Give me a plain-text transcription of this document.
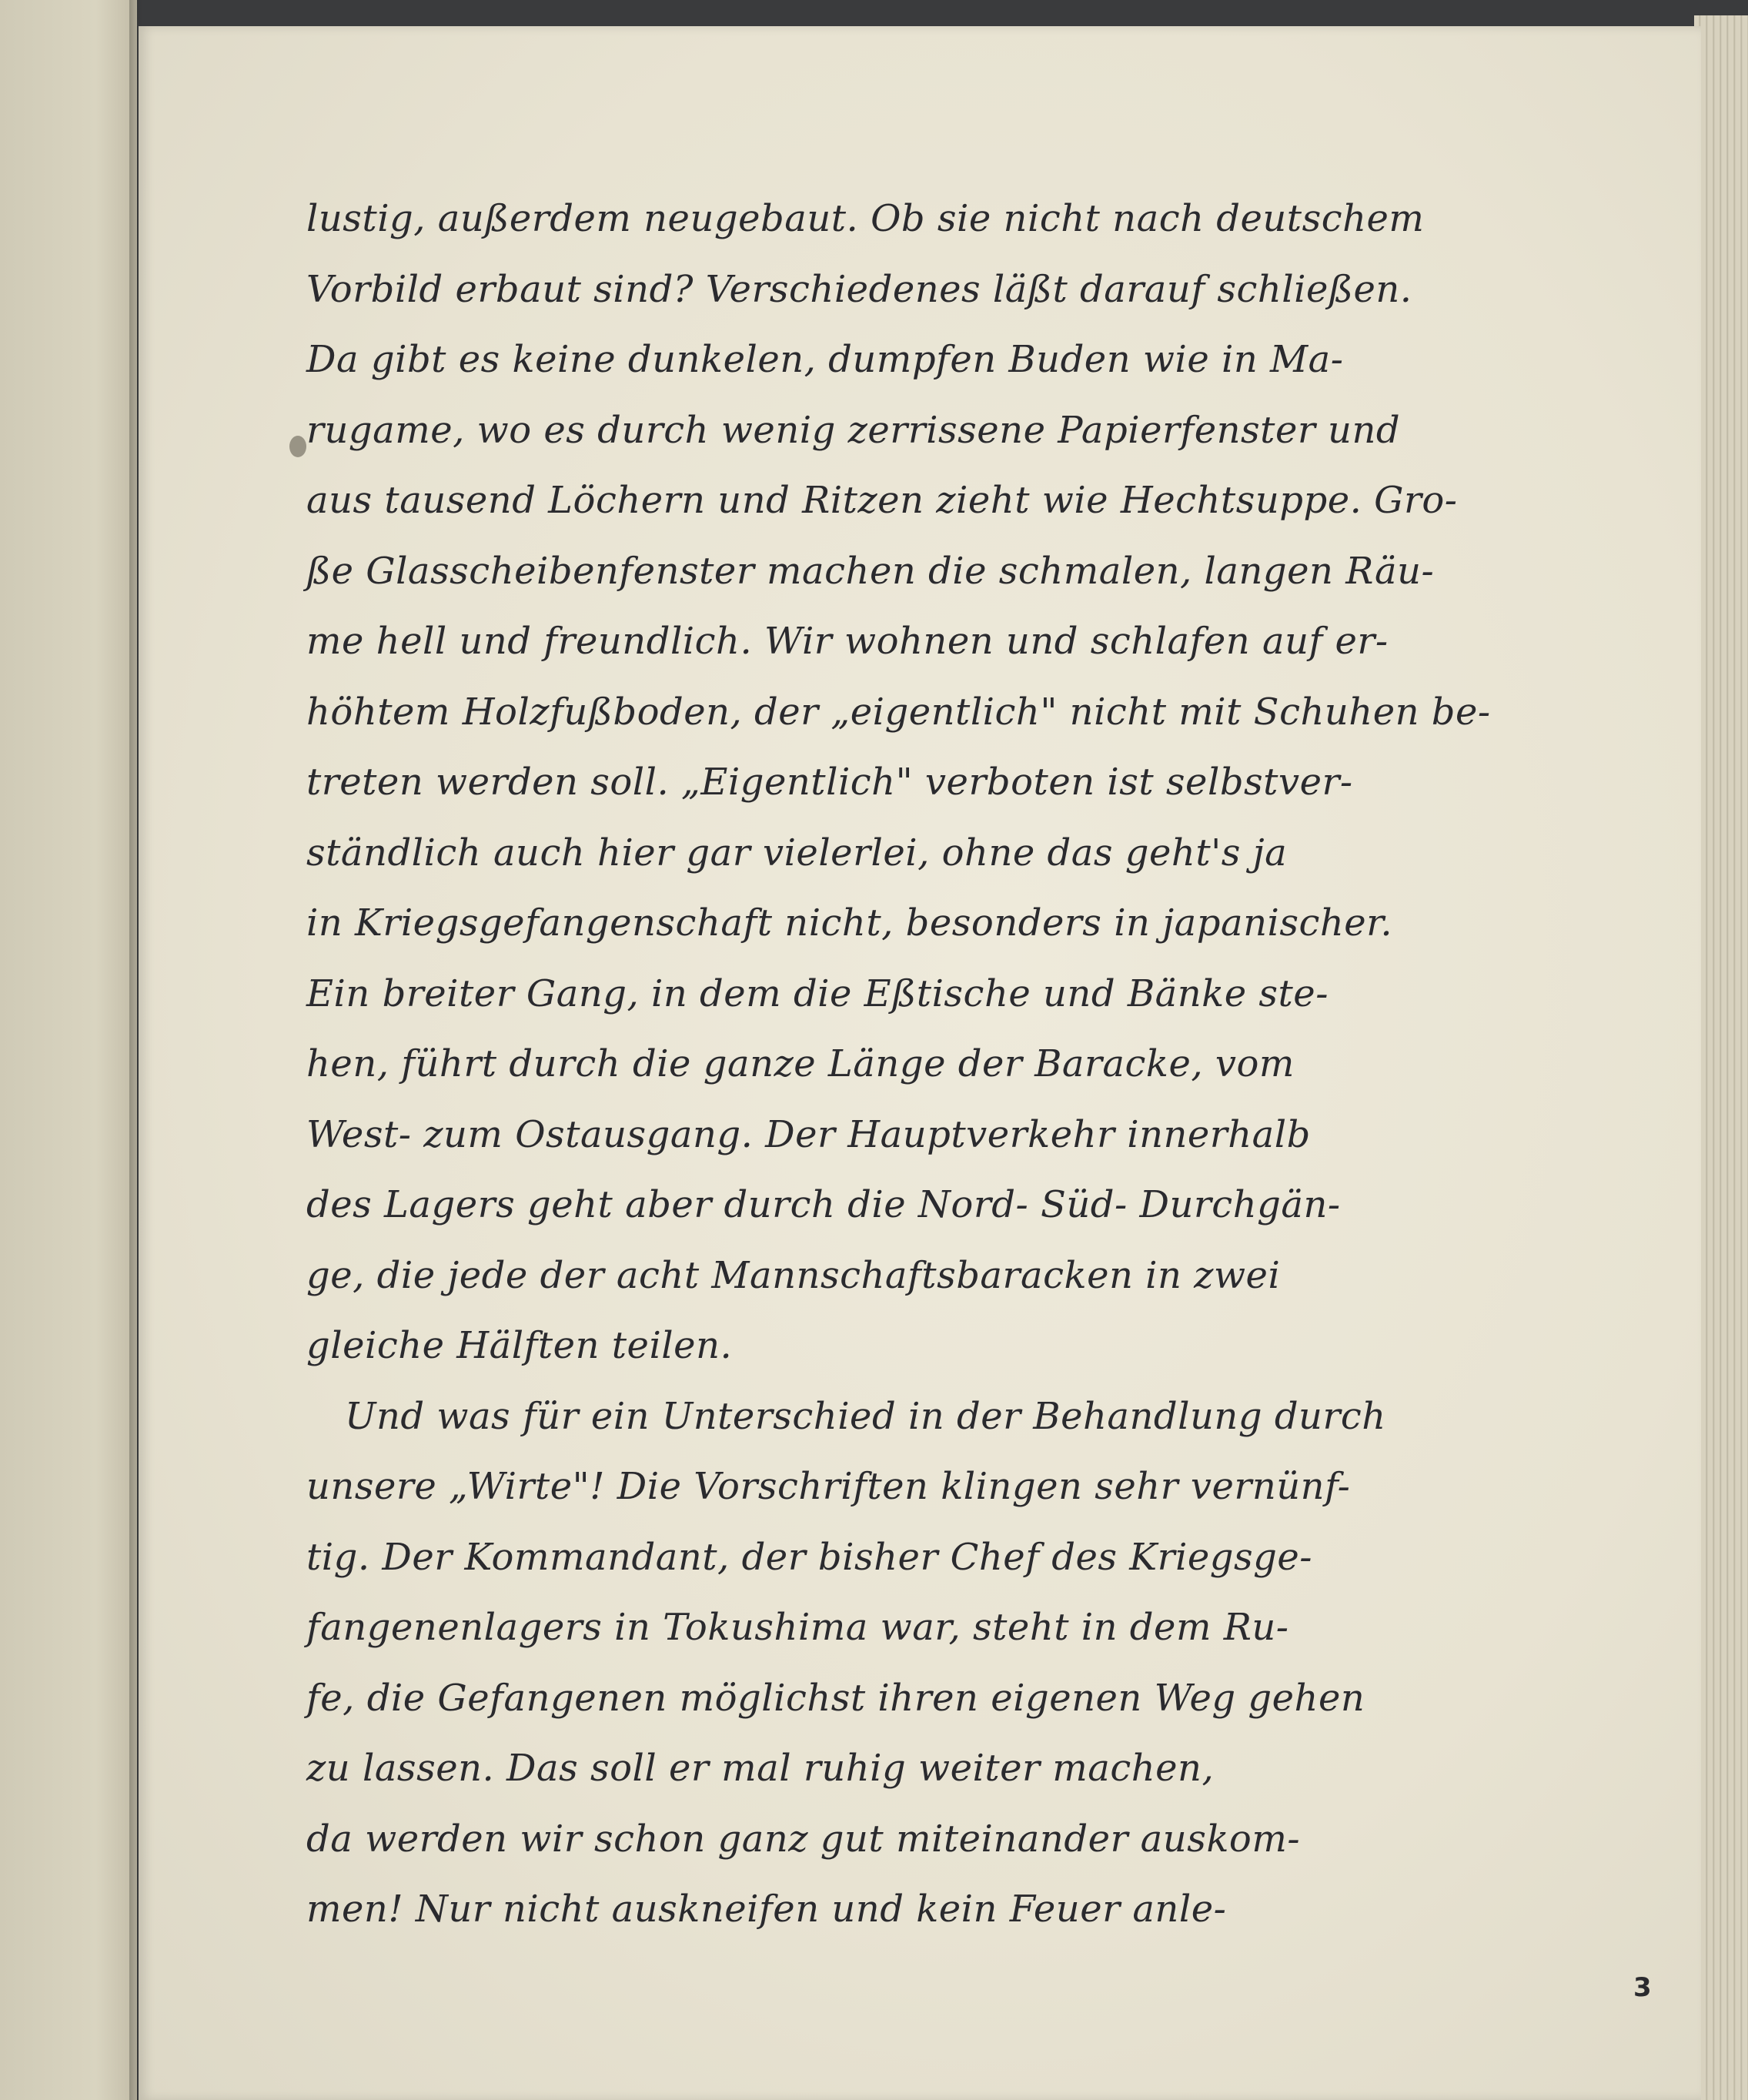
lustig, außerdem neugebaut. Ob sie nicht nach deutschem
Vorbild erbaut sind? Verschiedenes läßt darauf schließen.
Da gibt es keine dunkelen, dumpfen Buden wie in Ma-
rugame, wo es durch wenig zerrissene Papierfenster und
aus tausend Löchern und Ritzen zieht wie Hechtsuppe. Gro-
ße Glasscheibenfenster machen die schmalen, langen Räu-
me hell und freundlich. Wir wohnen und schlafen auf er-
höhtem Holzfußboden, der „eigentlich" nicht mit Schuhen be-
treten werden soll. „Eigentlich" verboten ist selbstver-
ständlich auch hier gar vielerlei, ohne das geht's ja
in Kriegsgefangenschaft nicht, besonders in japanischer.
Ein breiter Gang, in dem die Eßtische und Bänke ste-
hen, führt durch die ganze Länge der Baracke, vom
West- zum Ostausgang. Der Hauptverkehr innerhalb
des Lagers geht aber durch die Nord- Süd- Durchgän-
ge, die jede der acht Mannschaftsbaracken in zwei
gleiche Hälften teilen.
Und was für ein Unterschied in der Behandlung durch
unsere „Wirte"! Die Vorschriften klingen sehr vernünf-
tig. Der Kommandant, der bisher Chef des Kriegsge-
fangenenlagers in Tokushima war, steht in dem Ru-
fe, die Gefangenen möglichst ihren eigenen Weg gehen
zu lassen. Das soll er mal ruhig weiter machen,
da werden wir schon ganz gut miteinander auskom-
men! Nur nicht auskneifen und kein Feuer anle-
3
